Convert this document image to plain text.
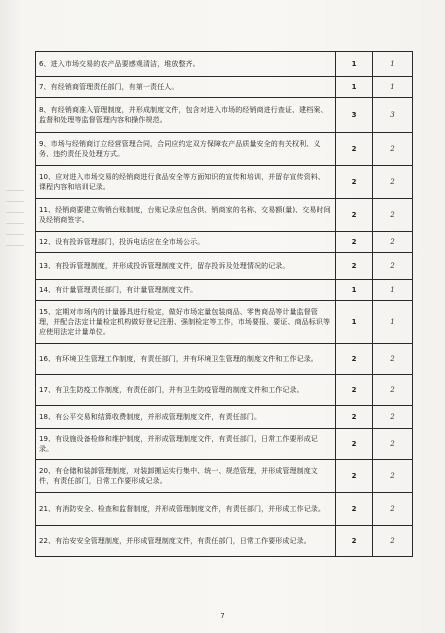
6、进入市场交易的农产品要感观清洁，堆放整齐。	1	1
7、有经销商管理责任部门，有第一责任人。	1	1
8、有经销商准入管理制度，并形成制度文件，包含对进入市场的经销商进行查证、建档案、监督和处理等监督管理内容和操作规范。	3	3
9、市场与经销商订立经营管理合同，合同应约定双方保障农产品质量安全的有关权利、义务、违约责任及处理方式。	2	2
10、应对进入市场交易的经销商进行食品安全等方面知识的宣传和培训，并留存宣传资料、课程内容和培训记录。	2	2
11、经销商要建立购销台账制度，台账记录应包含供、销商家的名称、交易额(量)、交易时间及经销商签字。	2	2
12、设有投诉管理部门，投诉电话应在全市场公示。	2	2
13、有投诉管理制度，并形成投诉管理制度文件，留存投诉及处理情况的记录。	2	2
14、有计量管理责任部门，有计量管理制度文件。	1	1
15、定期对市场内的计量器具进行检定，做好市场定量包装商品、零售商品等计量监督管理，并配合法定计量检定机构做好登记注册、强制检定等工作，市场要报、要证、商品标识等应使用法定计量单位。	1	1
16、有环境卫生管理工作制度，有责任部门，并有环境卫生管理的制度文件和工作记录。	2	2
17、有卫生防疫工作制度，有责任部门，并有卫生防疫管理的制度文件和工作记录。	2	2
18、有公平交易和结算收费制度，并形成管理制度文件，有责任部门。	2	2
19、有设施设备检修和维护制度，并形成管理制度文件，有责任部门，日常工作要形成记录。	2	2
20、有仓储和装卸管理制度，对装卸搬运实行集中、统一、规范管理，并形成管理制度文件，有责任部门，日常工作要形成记录。	2	2
21、有消防安全、检查和监督制度，并形成管理制度文件，有责任部门，并形成工作记录。	2	2
22、有治安安全管理制度，并形成管理制度文件，有责任部门，日常工作要形成记录。	2	2
7
